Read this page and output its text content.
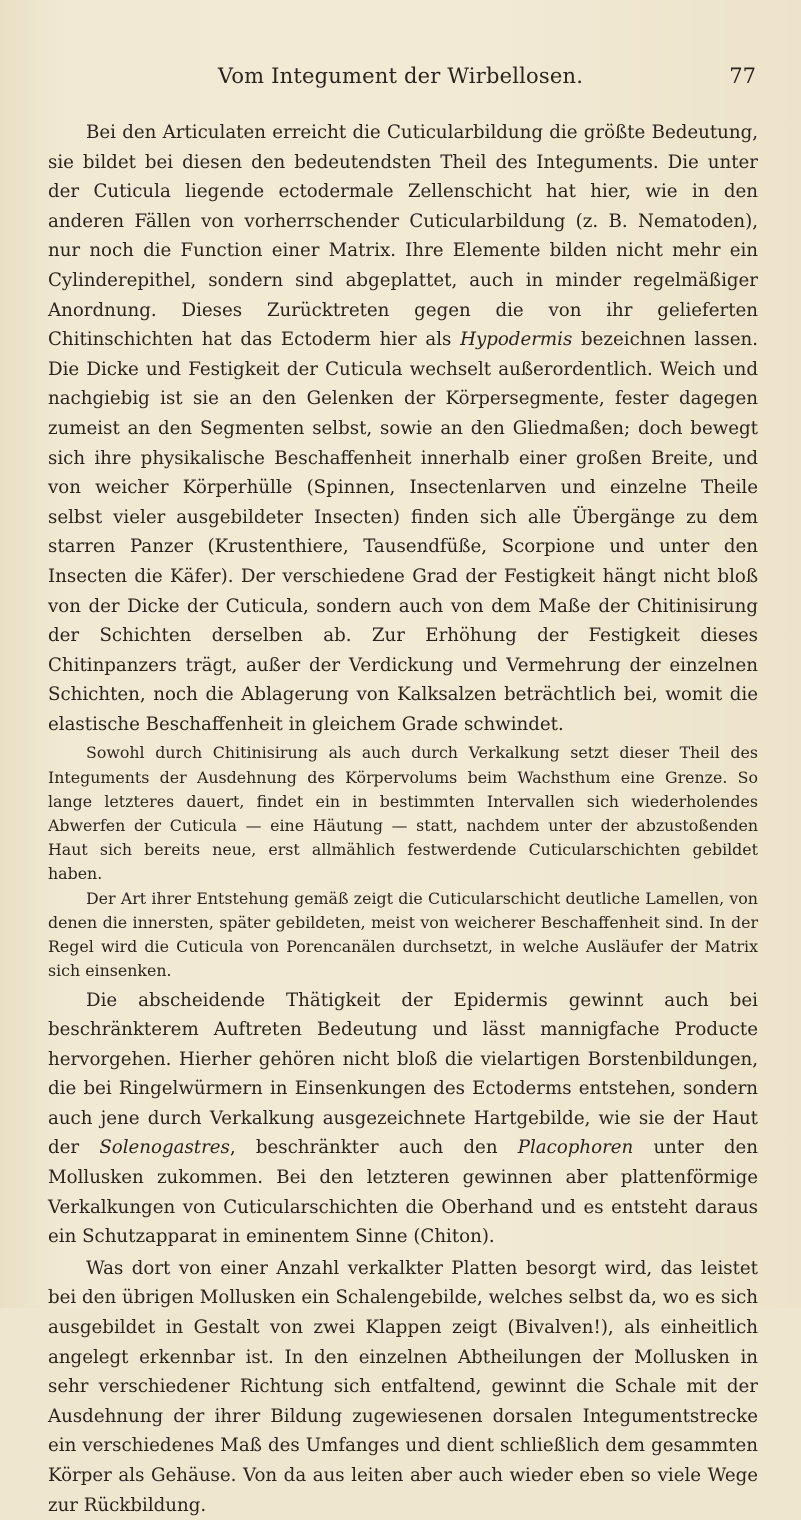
Vom Integument der Wirbellosen.	77

Bei den Articulaten erreicht die Cuticularbildung die größte Bedeutung, sie bildet bei diesen den bedeutendsten Theil des Integuments. Die unter der Cuticula liegende ectodermale Zellenschicht hat hier, wie in den anderen Fällen von vorherrschender Cuticularbildung (z. B. Nematoden), nur noch die Function einer Matrix. Ihre Elemente bilden nicht mehr ein Cylinderepithel, sondern sind abgeplattet, auch in minder regelmäßiger Anordnung. Dieses Zurücktreten gegen die von ihr gelieferten Chitinschichten hat das Ectoderm hier als Hypodermis bezeichnen lassen. Die Dicke und Festigkeit der Cuticula wechselt außerordentlich. Weich und nachgiebig ist sie an den Gelenken der Körpersegmente, fester dagegen zumeist an den Segmenten selbst, sowie an den Gliedmaßen; doch bewegt sich ihre physikalische Beschaffenheit innerhalb einer großen Breite, und von weicher Körperhülle (Spinnen, Insectenlarven und einzelne Theile selbst vieler ausgebildeter Insecten) finden sich alle Übergänge zu dem starren Panzer (Krustenthiere, Tausendfüße, Scorpione und unter den Insecten die Käfer). Der verschiedene Grad der Festigkeit hängt nicht bloß von der Dicke der Cuticula, sondern auch von dem Maße der Chitinisirung der Schichten derselben ab. Zur Erhöhung der Festigkeit dieses Chitinpanzers trägt, außer der Verdickung und Vermehrung der einzelnen Schichten, noch die Ablagerung von Kalksalzen beträchtlich bei, womit die elastische Beschaffenheit in gleichem Grade schwindet.

Sowohl durch Chitinisirung als auch durch Verkalkung setzt dieser Theil des Integuments der Ausdehnung des Körpervolums beim Wachsthum eine Grenze. So lange letzteres dauert, findet ein in bestimmten Intervallen sich wiederholendes Abwerfen der Cuticula — eine Häutung — statt, nachdem unter der abzustoßenden Haut sich bereits neue, erst allmählich festwerdende Cuticularschichten gebildet haben.

Der Art ihrer Entstehung gemäß zeigt die Cuticularschicht deutliche Lamellen, von denen die innersten, später gebildeten, meist von weicherer Beschaffenheit sind. In der Regel wird die Cuticula von Porencanälen durchsetzt, in welche Ausläufer der Matrix sich einsenken.

Die abscheidende Thätigkeit der Epidermis gewinnt auch bei beschränkterem Auftreten Bedeutung und lässt mannigfache Producte hervorgehen. Hierher gehören nicht bloß die vielartigen Borstenbildungen, die bei Ringelwürmern in Einsenkungen des Ectoderms entstehen, sondern auch jene durch Verkalkung ausgezeichnete Hartgebilde, wie sie der Haut der Solenogastres, beschränkter auch den Placophoren unter den Mollusken zukommen. Bei den letzteren gewinnen aber plattenförmige Verkalkungen von Cuticularschichten die Oberhand und es entsteht daraus ein Schutzapparat in eminentem Sinne (Chiton).

Was dort von einer Anzahl verkalkter Platten besorgt wird, das leistet bei den übrigen Mollusken ein Schalengebilde, welches selbst da, wo es sich ausgebildet in Gestalt von zwei Klappen zeigt (Bivalven!), als einheitlich angelegt erkennbar ist. In den einzelnen Abtheilungen der Mollusken in sehr verschiedener Richtung sich entfaltend, gewinnt die Schale mit der Ausdehnung der ihrer Bildung zugewiesenen dorsalen Integumentstrecke ein verschiedenes Maß des Umfanges und dient schließlich dem gesammten Körper als Gehäuse. Von da aus leiten aber auch wieder eben so viele Wege zur Rückbildung.
